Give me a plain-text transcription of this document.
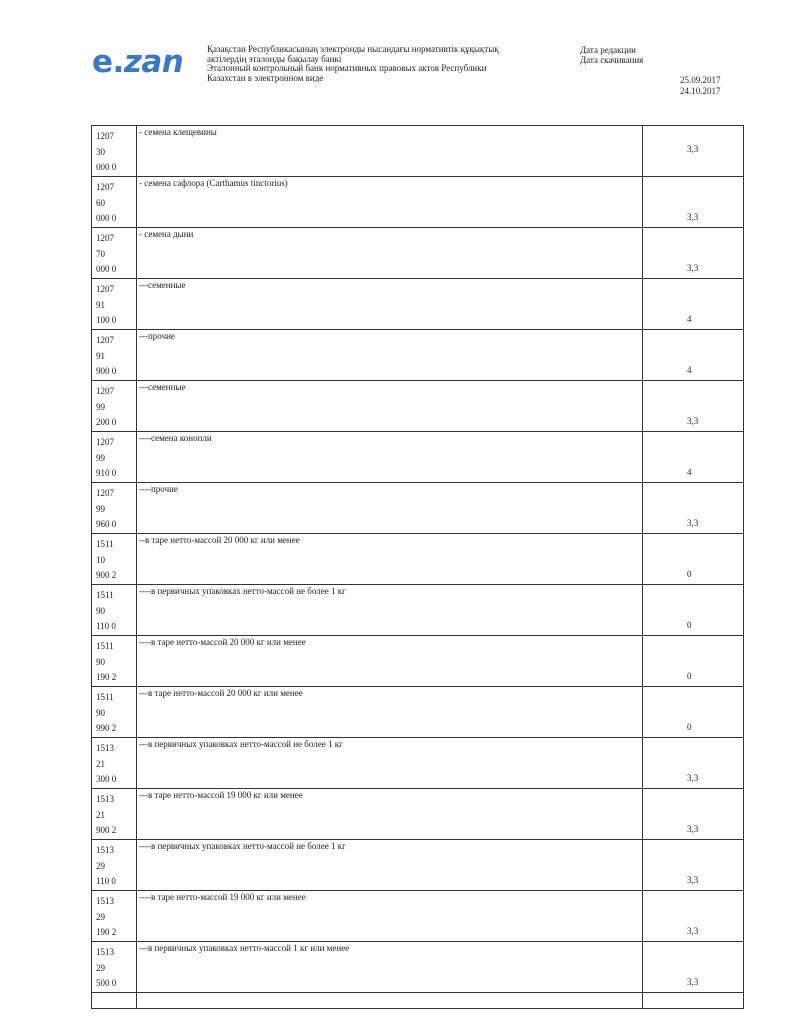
e.zan	Қазақстан Республикасының электронды нысандағы нормативтік құқықтық
актілердің эталонды бақылау банкі
Эталонный контрольный банк нормативных правовых актов Республики
Казахстан в электронном виде
Дата редакции
Дата скачивания
25.09.2017
24.10.2017
1207
30
000 0	- семена клещевины	3,3

1207
60
000 0	- семена сафлора (Carthamus tinctorius)	3,3

1207
70
000 0	- семена дыни	3,3

1207
91
100 0	---семенные	4

1207
91
900 0	---прочие	4

1207
99
200 0	---семенные	3,3

1207
99
910 0	----семена конопли	4

1207
99
960 0	----прочие	3,3

1511
10
900 2	--в таре нетто-массой 20 000 кг или менее	0

1511
90
110 0	----в первичных упаковках нетто-массой не более 1 кг	0

1511
90
190 2	----в таре нетто-массой 20 000 кг или менее	0

1511
90
990 2	---в таре нетто-массой 20 000 кг или менее	0

1513
21
300 0	---в первичных упаковках нетто-массой не более 1 кг	3,3

1513
21
900 2	---в таре нетто-массой 19 000 кг или менее	3,3

1513
29
110 0	----в первичных упаковках нетто-массой не более 1 кг	3,3

1513
29
190 2	----в таре нетто-массой 19 000 кг или менее	3,3

1513
29
500 0	---в первичных упаковках нетто-массой 1 кг или менее	3,3
